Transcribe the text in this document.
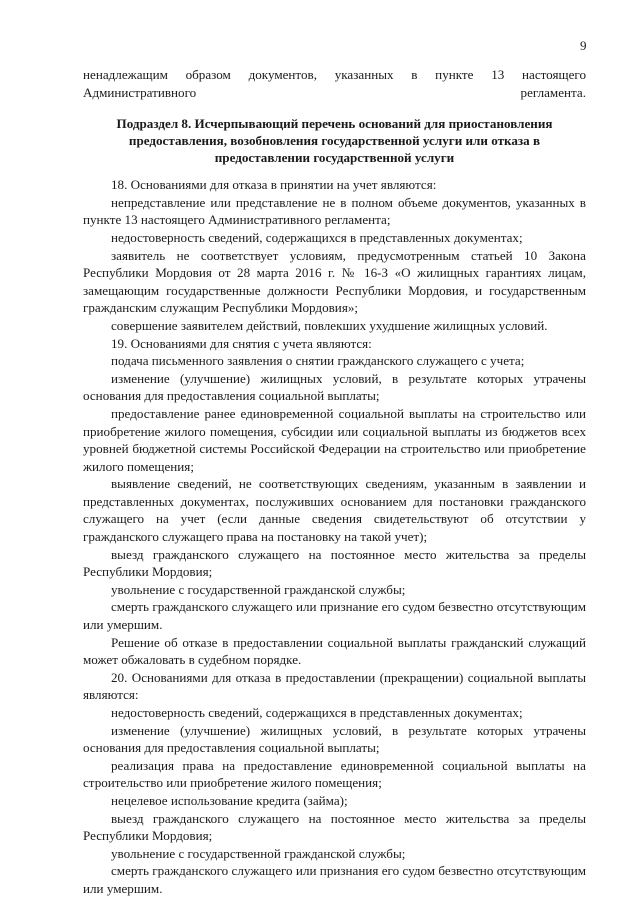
9

ненадлежащим образом документов, указанных в пункте 13 настоящего Административного регламента.

Подраздел 8. Исчерпывающий перечень оснований для приостановления предоставления, возобновления государственной услуги или отказа в предоставлении государственной услуги

18. Основаниями для отказа в принятии на учет являются:

непредставление или представление не в полном объеме документов, указанных в пункте 13 настоящего Административного регламента;

недостоверность сведений, содержащихся в представленных документах;

заявитель не соответствует условиям, предусмотренным статьей 10 Закона Республики Мордовия от 28 марта 2016 г. № 16-З «О жилищных гарантиях лицам, замещающим государственные должности Республики Мордовия, и государственным гражданским служащим Республики Мордовия»;

совершение заявителем действий, повлекших ухудшение жилищных условий.

19. Основаниями для снятия с учета являются:

подача письменного заявления о снятии гражданского служащего с учета;

изменение (улучшение) жилищных условий, в результате которых утрачены основания для предоставления социальной выплаты;

предоставление ранее единовременной социальной выплаты на строительство или приобретение жилого помещения, субсидии или социальной выплаты из бюджетов всех уровней бюджетной системы Российской Федерации на строительство или приобретение жилого помещения;

выявление сведений, не соответствующих сведениям, указанным в заявлении и представленных документах, послуживших основанием для постановки гражданского служащего на учет (если данные сведения свидетельствуют об отсутствии у гражданского служащего права на постановку на такой учет);

выезд гражданского служащего на постоянное место жительства за пределы Республики Мордовия;

увольнение с государственной гражданской службы;

смерть гражданского служащего или признание его судом безвестно отсутствующим или умершим.

Решение об отказе в предоставлении социальной выплаты гражданский служащий может обжаловать в судебном порядке.

20. Основаниями для отказа в предоставлении (прекращении) социальной выплаты являются:

недостоверность сведений, содержащихся в представленных документах;

изменение (улучшение) жилищных условий, в результате которых утрачены основания для предоставления социальной выплаты;

реализация права на предоставление единовременной социальной выплаты на строительство или приобретение жилого помещения;

нецелевое использование кредита (займа);

выезд гражданского служащего на постоянное место жительства за пределы Республики Мордовия;

увольнение с государственной гражданской службы;

смерть гражданского служащего или признания его судом безвестно отсутствующим или умершим.
